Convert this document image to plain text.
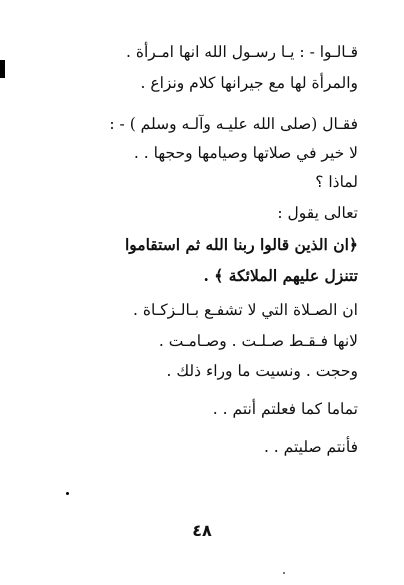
قـالـوا - : يـا رسـول الله انها امـرأة .
والمرأة لها مع جيرانها كلام ونزاع .
فقـال (صلى الله عليـه وآلـه وسلم ) - :
لا خير في صلاتها وصيامها وحجها . .
لماذا ؟
تعالى يقول :
﴿ان الذين قالوا ربنا الله ثم استقاموا
تتنزل عليهم الملائكة ﴾ .
ان الصـلاة التي لا تشفـع بـالـزكـاة .
لانها فـقـط صـلـت . وصـامـت .
وحجت . ونسيت ما وراء ذلك .
تماما كما فعلتم أنتم . .
فأنتم صليتم . .
٤٨
